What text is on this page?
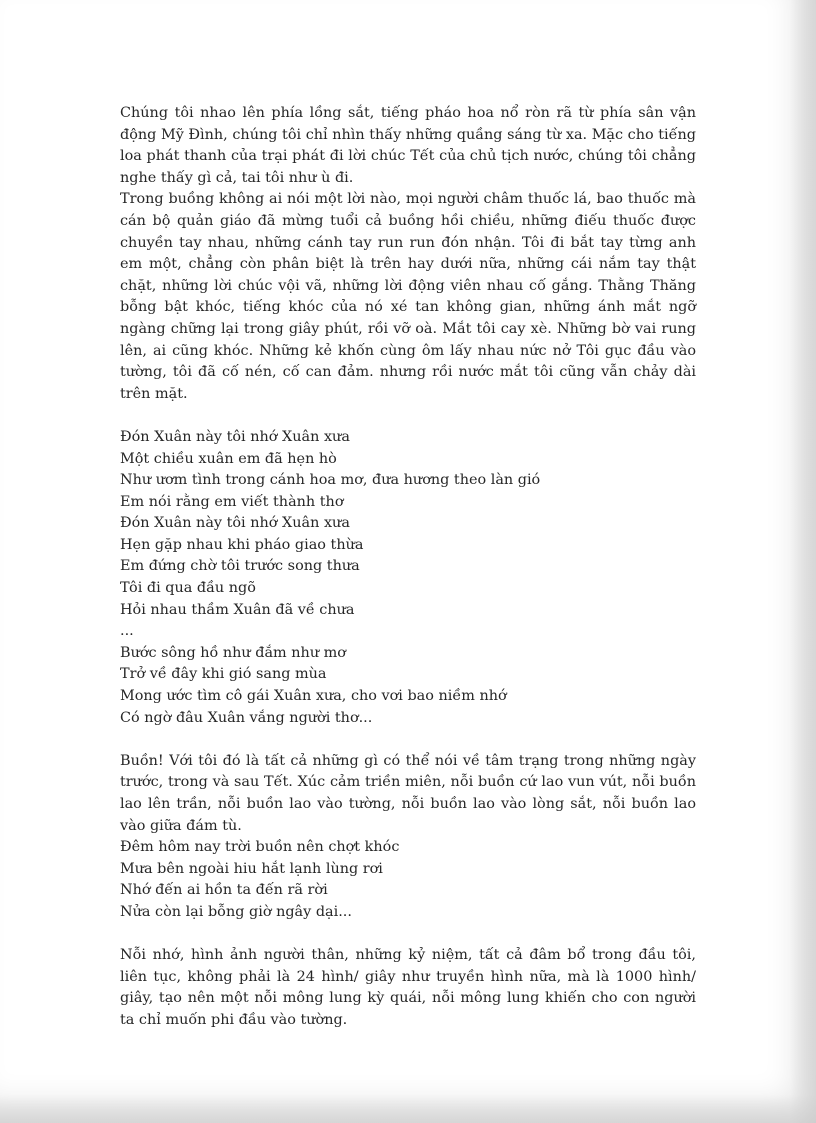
Chúng tôi nhao lên phía lồng sắt, tiếng pháo hoa nổ ròn rã từ phía sân vận động Mỹ Đình, chúng tôi chỉ nhìn thấy những quầng sáng từ xa. Mặc cho tiếng loa phát thanh của trại phát đi lời chúc Tết của chủ tịch nước, chúng tôi chẳng nghe thấy gì cả, tai tôi như ù đi.

Trong buồng không ai nói một lời nào, mọi người châm thuốc lá, bao thuốc mà cán bộ quản giáo đã mừng tuổi cả buồng hồi chiều, những điếu thuốc được chuyền tay nhau, những cánh tay run run đón nhận. Tôi đi bắt tay từng anh em một, chẳng còn phân biệt là trên hay dưới nữa, những cái nắm tay thật chặt, những lời chúc vội vã, những lời động viên nhau cố gắng. Thằng Thăng bỗng bật khóc, tiếng khóc của nó xé tan không gian, những ánh mắt ngỡ ngàng chững lại trong giây phút, rồi vỡ oà. Mắt tôi cay xè. Những bờ vai rung lên, ai cũng khóc. Những kẻ khốn cùng ôm lấy nhau nức nở Tôi gục đầu vào tường, tôi đã cố nén, cố can đảm. nhưng rồi nước mắt tôi cũng vẫn chảy dài trên mặt.

Đón Xuân này tôi nhớ Xuân xưa

Một chiều xuân em đã hẹn hò

Như ươm tình trong cánh hoa mơ, đưa hương theo làn gió

Em nói rằng em viết thành thơ

Đón Xuân này tôi nhớ Xuân xưa

Hẹn gặp nhau khi pháo giao thừa

Em đứng chờ tôi trước song thưa

Tôi đi qua đầu ngõ

Hỏi nhau thầm Xuân đã về chưa

...

Bước sông hồ như đắm như mơ

Trở về đây khi gió sang mùa

Mong ước tìm cô gái Xuân xưa, cho vơi bao niềm nhớ

Có ngờ đâu Xuân vắng người thơ...

Buồn! Với tôi đó là tất cả những gì có thể nói về tâm trạng trong những ngày trước, trong và sau Tết. Xúc cảm triền miên, nỗi buồn cứ lao vun vút, nỗi buồn lao lên trần, nỗi buồn lao vào tường, nỗi buồn lao vào lòng sắt, nỗi buồn lao vào giữa đám tù.

Đêm hôm nay trời buồn nên chợt khóc

Mưa bên ngoài hiu hắt lạnh lùng rơi

Nhớ đến ai hồn ta đến rã rời

Nửa còn lại bỗng giờ ngây dại...

Nỗi nhớ, hình ảnh người thân, những kỷ niệm, tất cả đâm bổ trong đầu tôi, liên tục, không phải là 24 hình/ giây như truyền hình nữa, mà là 1000 hình/ giây, tạo nên một nỗi mông lung kỳ quái, nỗi mông lung khiến cho con người ta chỉ muốn phi đầu vào tường.
